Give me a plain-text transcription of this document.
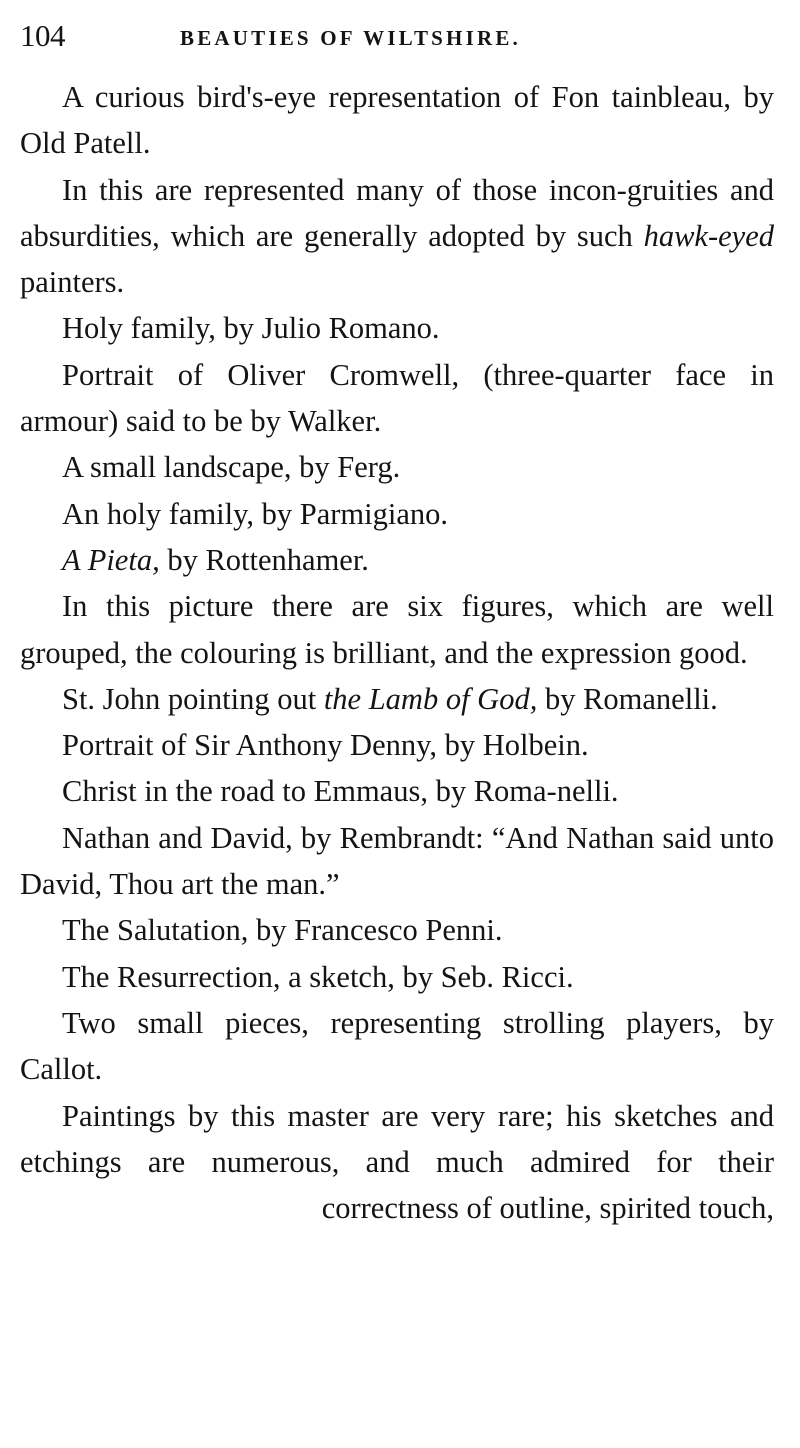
104	BEAUTIES OF WILTSHIRE.

A curious bird's-eye representation of Fon tainbleau, by Old Patell.

In this are represented many of those incon-gruities and absurdities, which are generally adopted by such hawk-eyed painters.

Holy family, by Julio Romano.

Portrait of Oliver Cromwell, (three-quarter face in armour) said to be by Walker.

A small landscape, by Ferg.

An holy family, by Parmigiano.

A Pieta, by Rottenhamer.

In this picture there are six figures, which are well grouped, the colouring is brilliant, and the expression good.

St. John pointing out the Lamb of God, by Romanelli.

Portrait of Sir Anthony Denny, by Holbein.

Christ in the road to Emmaus, by Roma-nelli.

Nathan and David, by Rembrandt: “And Nathan said unto David, Thou art the man.”

The Salutation, by Francesco Penni.

The Resurrection, a sketch, by Seb. Ricci.

Two small pieces, representing strolling players, by Callot.

Paintings by this master are very rare; his sketches and etchings are numerous, and much admired for their correctness of outline, spirited touch,
